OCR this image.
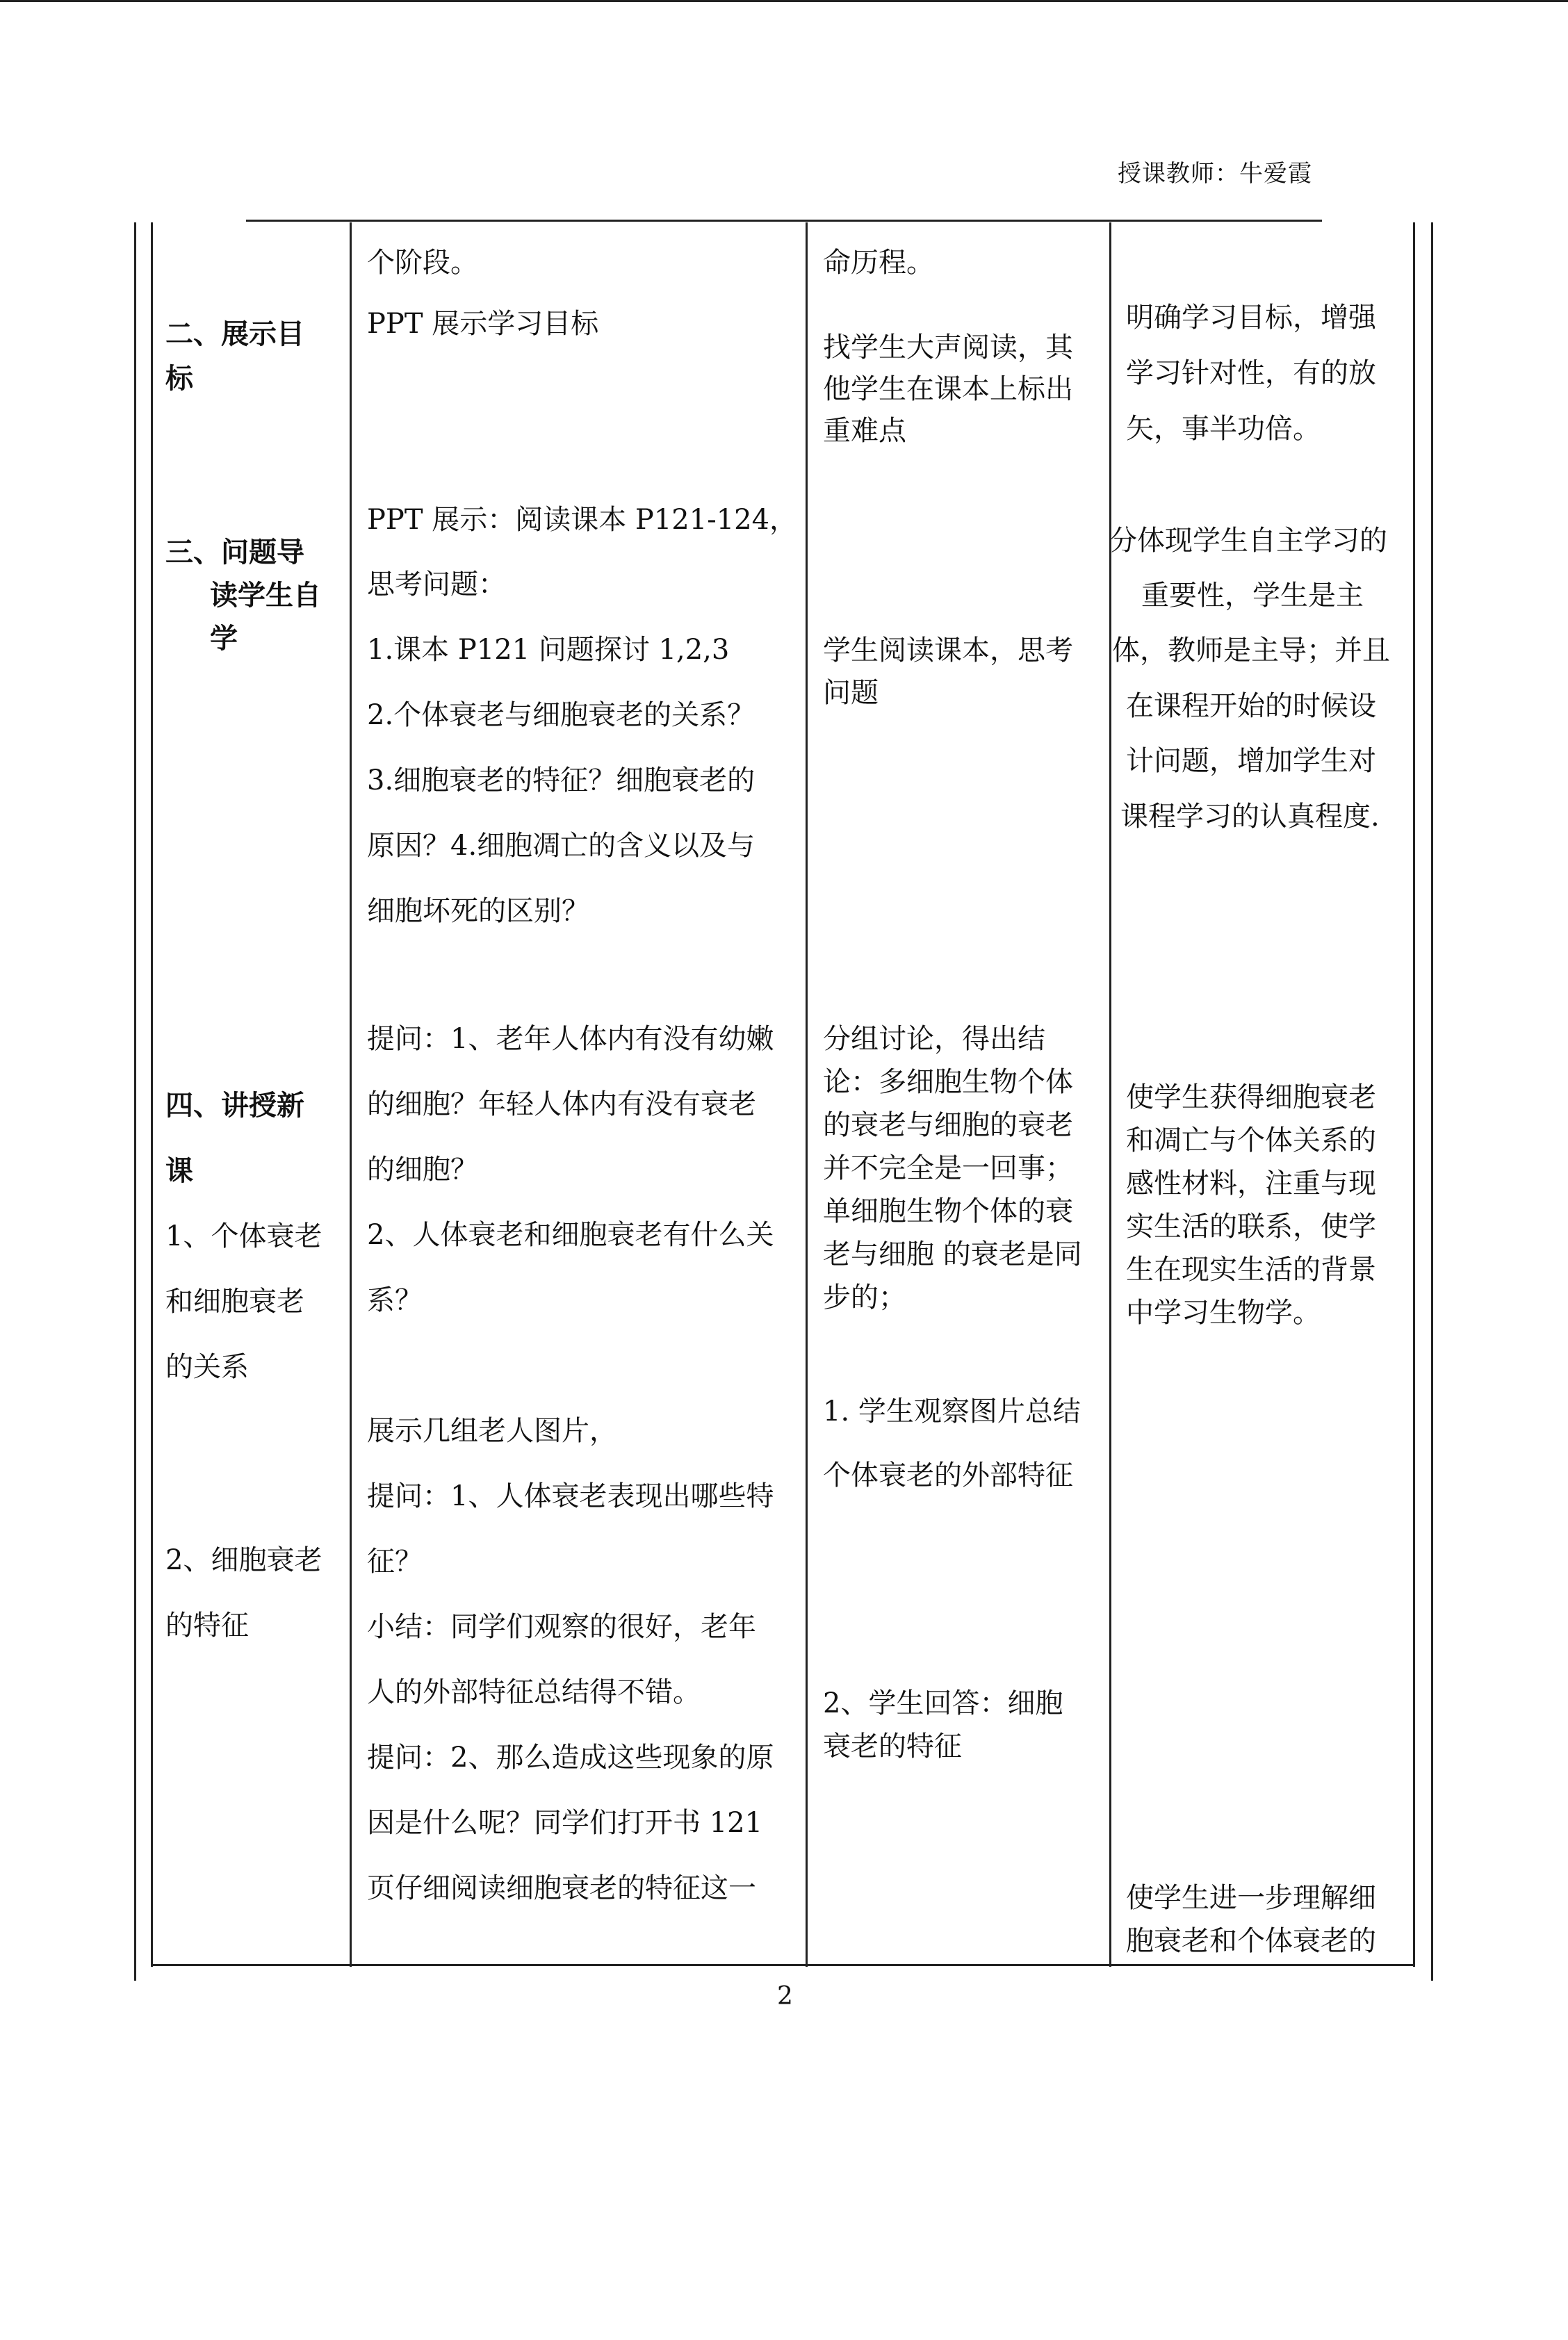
授课教师：牛爱霞
个阶段。	命历程。
二、展示目
标
PPT 展示学习目标
找学生大声阅读，其
他学生在课本上标出
重难点
明确学习目标，增强
学习针对性，有的放
矢，事半功倍。
三、问题导
读学生自
学
PPT 展示：阅读课本 P121-124，
思考问题：
1.课本 P121 问题探讨 1,2,3
2.个体衰老与细胞衰老的关系？
3.细胞衰老的特征？细胞衰老的
原因？4.细胞凋亡的含义以及与
细胞坏死的区别？
学生阅读课本，思考
问题
分体现学生自主学习的
重要性，学生是主
体，教师是主导；并且
在课程开始的时候设
计问题，增加学生对
课程学习的认真程度.
四、讲授新
课
1、个体衰老
和细胞衰老
的关系
2、细胞衰老
的特征
提问：1、老年人体内有没有幼嫩
的细胞？年轻人体内有没有衰老
的细胞？
2、人体衰老和细胞衰老有什么关
系？
展示几组老人图片，
提问：1、人体衰老表现出哪些特
征？
小结：同学们观察的很好，老年
人的外部特征总结得不错。
提问：2、那么造成这些现象的原
因是什么呢？同学们打开书 121
页仔细阅读细胞衰老的特征这一
分组讨论，得出结
论：多细胞生物个体
的衰老与细胞的衰老
并不完全是一回事；
单细胞生物个体的衰
老与细胞 的衰老是同
步的；
1. 学生观察图片总结
个体衰老的外部特征
2、学生回答：细胞
衰老的特征
使学生获得细胞衰老
和凋亡与个体关系的
感性材料，注重与现
实生活的联系，使学
生在现实生活的背景
中学习生物学。
使学生进一步理解细
胞衰老和个体衰老的
2
